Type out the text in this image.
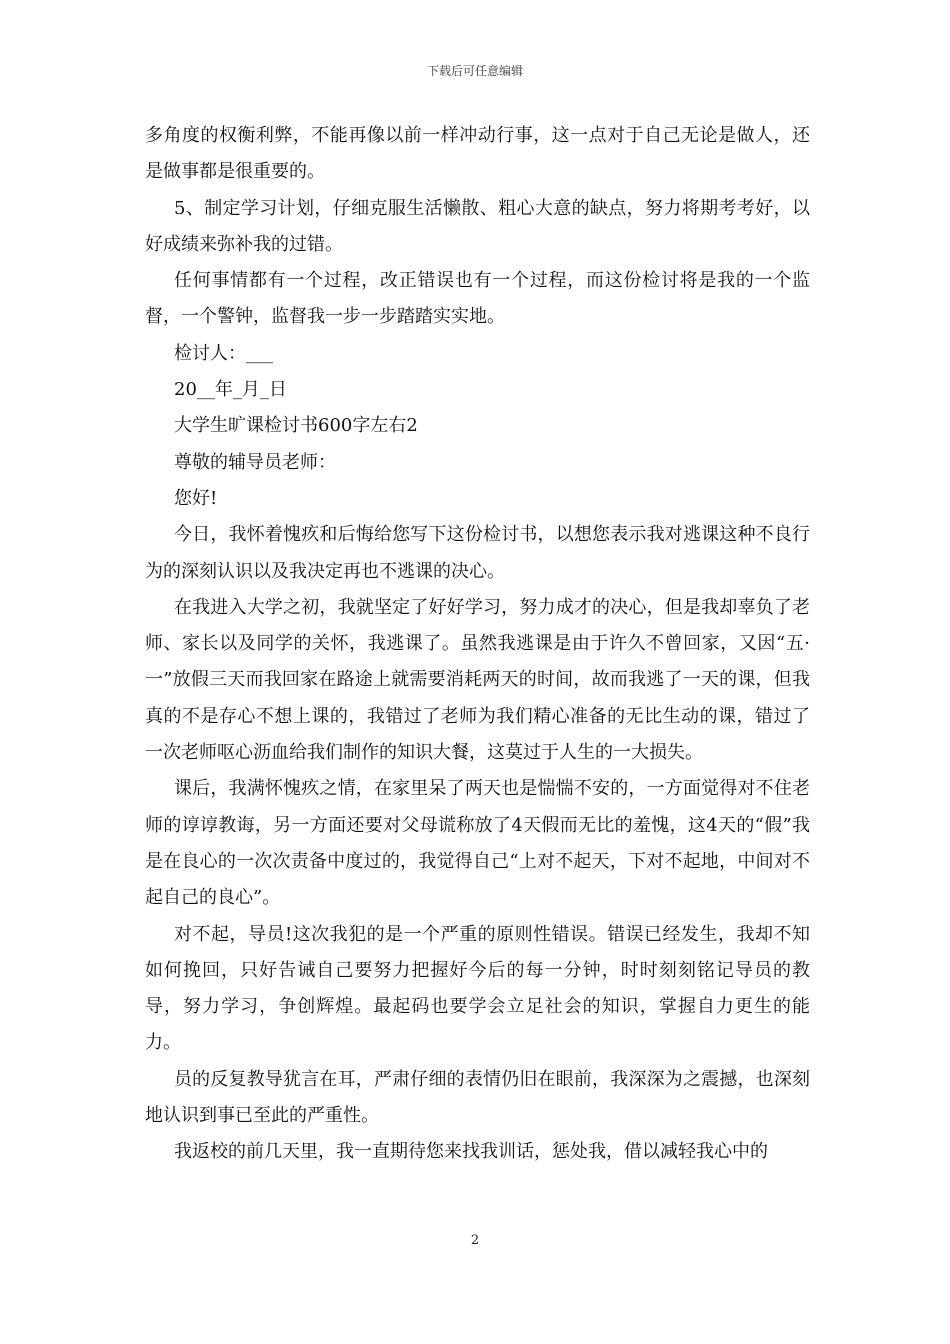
下载后可任意编辑

多角度的权衡利弊，不能再像以前一样冲动行事，这一点对于自己无论是做人，还是做事都是很重要的。

5、制定学习计划，仔细克服生活懒散、粗心大意的缺点，努力将期考考好，以好成绩来弥补我的过错。

任何事情都有一个过程，改正错误也有一个过程，而这份检讨将是我的一个监督，一个警钟，监督我一步一步踏踏实实地。

检讨人：___

20__年_月_日

大学生旷课检讨书600字左右2

尊敬的辅导员老师：

您好!

今日，我怀着愧疚和后悔给您写下这份检讨书，以想您表示我对逃课这种不良行为的深刻认识以及我决定再也不逃课的决心。

在我进入大学之初，我就坚定了好好学习，努力成才的决心，但是我却辜负了老师、家长以及同学的关怀，我逃课了。虽然我逃课是由于许久不曾回家，又因“五·一”放假三天而我回家在路途上就需要消耗两天的时间，故而我逃了一天的课，但我真的不是存心不想上课的，我错过了老师为我们精心准备的无比生动的课，错过了一次老师呕心沥血给我们制作的知识大餐，这莫过于人生的一大损失。

课后，我满怀愧疚之情，在家里呆了两天也是惴惴不安的，一方面觉得对不住老师的谆谆教诲，另一方面还要对父母谎称放了4天假而无比的羞愧，这4天的“假”我是在良心的一次次责备中度过的，我觉得自己“上对不起天，下对不起地，中间对不起自己的良心”。

对不起，导员!这次我犯的是一个严重的原则性错误。错误已经发生，我却不知如何挽回，只好告诫自己要努力把握好今后的每一分钟，时时刻刻铭记导员的教导，努力学习，争创辉煌。最起码也要学会立足社会的知识，掌握自力更生的能力。

员的反复教导犹言在耳，严肃仔细的表情仍旧在眼前，我深深为之震撼，也深刻地认识到事已至此的严重性。

我返校的前几天里，我一直期待您来找我训话，惩处我，借以减轻我心中的

2
